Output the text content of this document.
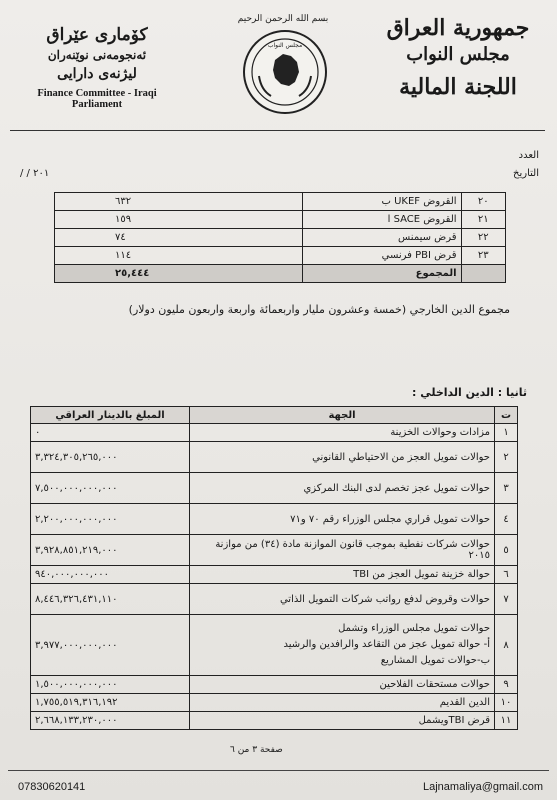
جمهورية العراق
مجلس النواب
اللجنة المالية
كۆماری عێراق
ئەنجومەنی نوێنەران
لیژنەی دارایی
Finance Committee - Iraqi
Parliament
بسم الله الرحمن الرحيم
مجلس النواب
العدد
التاريخ
/ / ٢٠١
٢٠	القروض UKEF ب	٦٣٢
٢١	القروض SACE ا	١٥٩
٢٢	قرض سيمنس	٧٤
٢٣	قرض PBI فرنسي	١١٤
	المجموع	٢٥,٤٤٤
مجموع الدين الخارجي (خمسة وعشرون مليار واربعمائة واربعة واربعون مليون دولار)
ثانيا : الدين الداخلي :
ت	الجهة	المبلغ بالدينار العراقي
١	مزادات وحوالات الخزينة	٠
٢	حوالات تمويل العجز من الاحتياطي القانوني	٣,٣٢٤,٣٠٥,٢٦٥,٠٠٠
٣	حوالات تمويل عجز تخصم لدى البنك المركزي	٧,٥٠٠,٠٠٠,٠٠٠,٠٠٠
٤	حوالات تمويل قراري مجلس الوزراء رقم ٧٠ و٧١	٢,٢٠٠,٠٠٠,٠٠٠,٠٠٠
٥	حوالات شركات نفطية بموجب قانون الموازنة مادة (٣٤) من موازنة ٢٠١٥	٣,٩٢٨,٨٥١,٢١٩,٠٠٠
٦	حوالة خزينة تمويل العجز من TBI	٩٤٠,٠٠٠,٠٠٠,٠٠٠
٧	حوالات وقروض لدفع رواتب شركات التمويل الذاتي	٨,٤٤٦,٣٢٦,٤٣١,١١٠
٨	حوالات تمويل مجلس الوزراء وتشمل
أ- حوالة تمويل عجز من التقاعد والرافدين والرشيد
ب-حوالات تمويل المشاريع	٣,٩٧٧,٠٠٠,٠٠٠,٠٠٠
٩	حوالات مستحقات الفلاحين	١,٥٠٠,٠٠٠,٠٠٠,٠٠٠
١٠	الدين القديم	١,٧٥٥,٥١٩,٣١٦,١٩٢
١١	قرض TBIويشمل	٢,٦٦٨,١٣٣,٢٣٠,٠٠٠
صفحة ٣ من ٦
07830620141	Lajnamaliya@gmail.com
